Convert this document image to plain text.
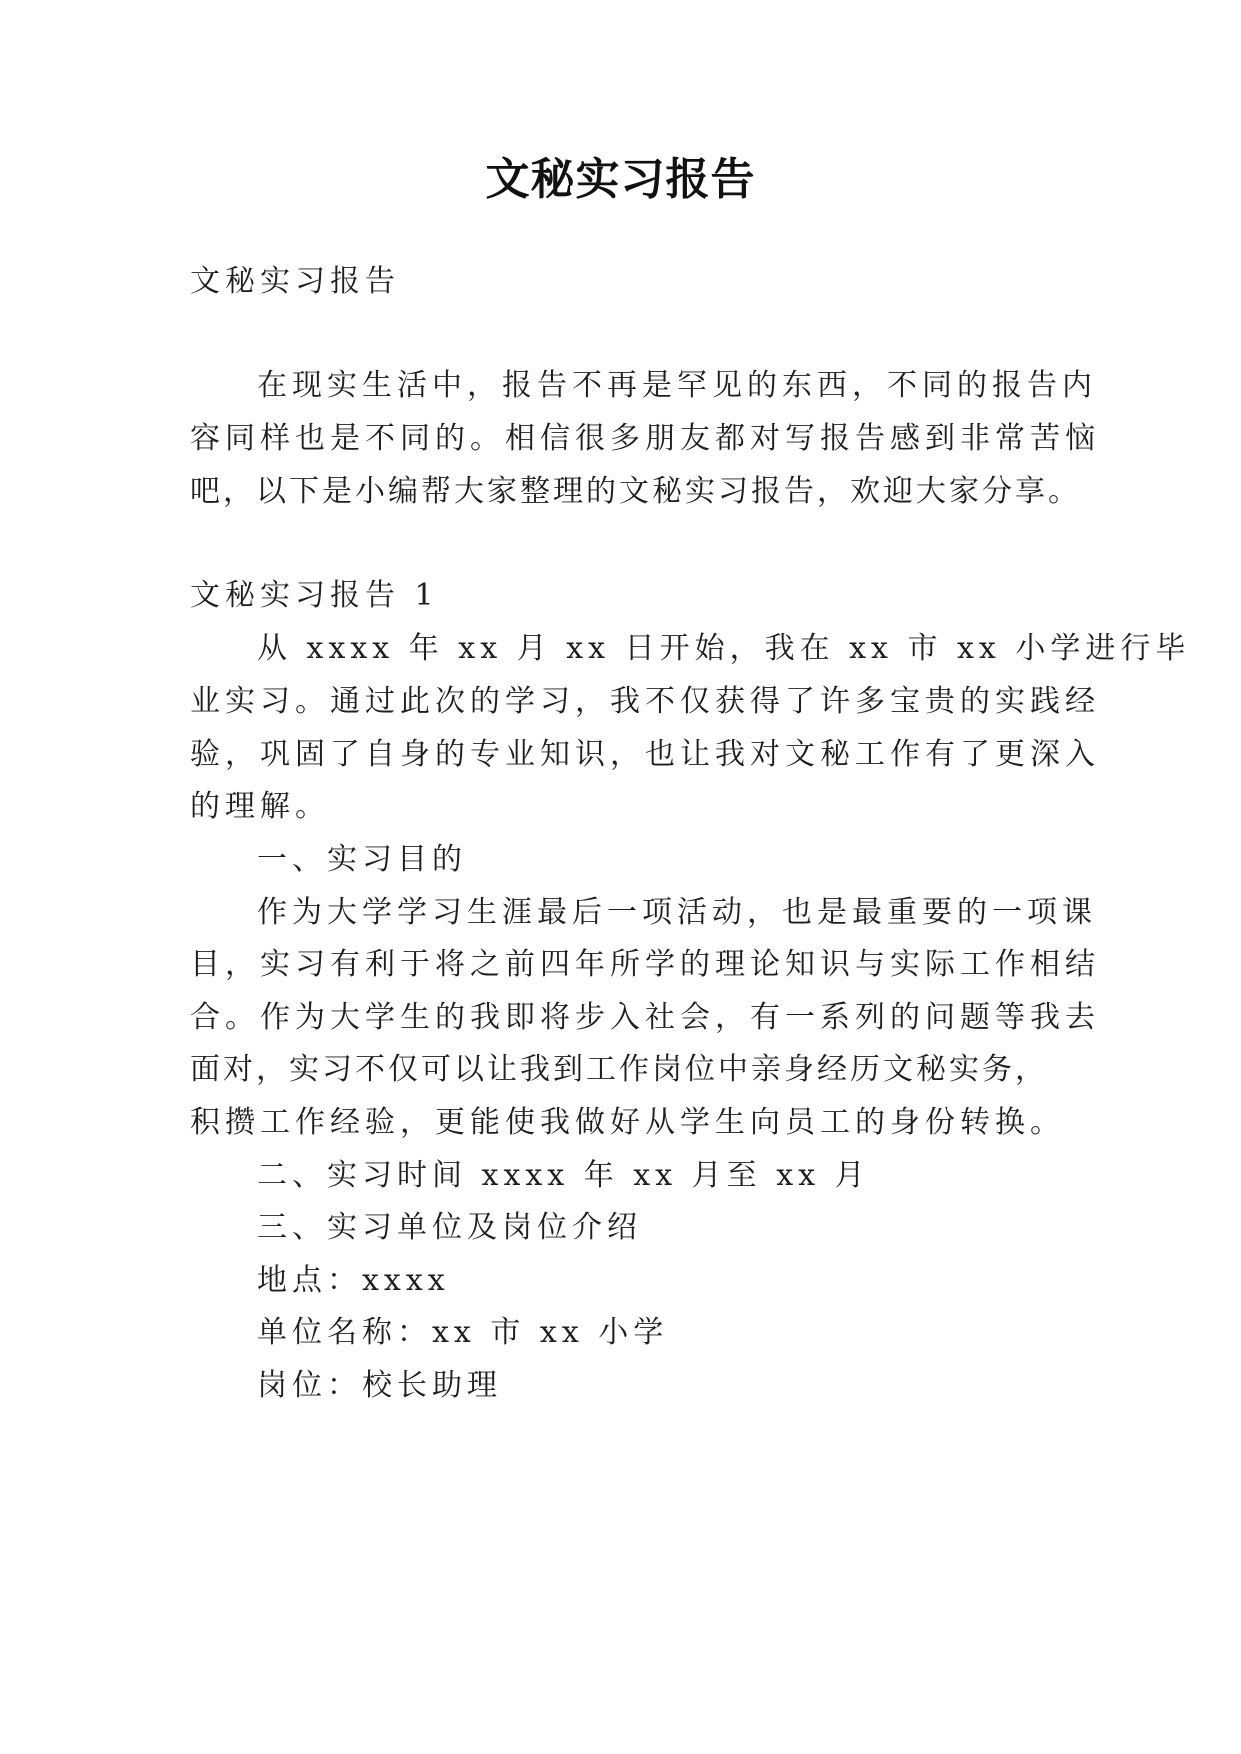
文秘实习报告
文秘实习报告
在现实生活中，报告不再是罕见的东西，不同的报告内
容同样也是不同的。相信很多朋友都对写报告感到非常苦恼
吧，以下是小编帮大家整理的文秘实习报告，欢迎大家分享。
文秘实习报告 1
从 xxxx 年 xx 月 xx 日开始，我在 xx 市 xx 小学进行毕
业实习。通过此次的学习，我不仅获得了许多宝贵的实践经
验，巩固了自身的专业知识，也让我对文秘工作有了更深入
的理解。
一、实习目的
作为大学学习生涯最后一项活动，也是最重要的一项课
目，实习有利于将之前四年所学的理论知识与实际工作相结
合。作为大学生的我即将步入社会，有一系列的问题等我去
面对，实习不仅可以让我到工作岗位中亲身经历文秘实务，
积攒工作经验，更能使我做好从学生向员工的身份转换。
二、实习时间 xxxx 年 xx 月至 xx 月
三、实习单位及岗位介绍
地点：xxxx
单位名称：xx 市 xx 小学
岗位：校长助理
